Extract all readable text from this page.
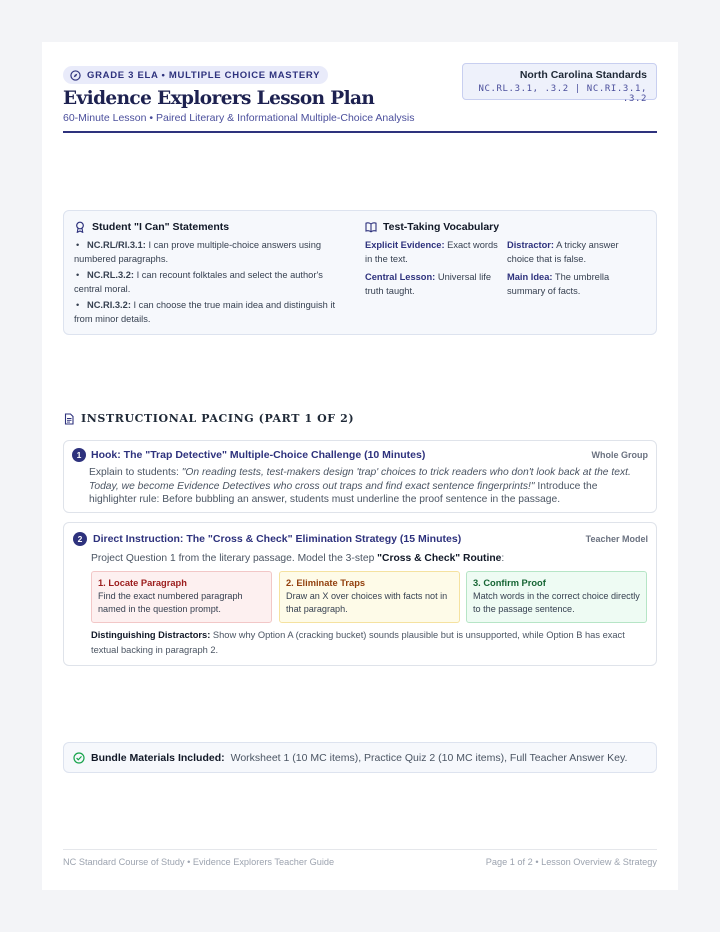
GRADE 3 ELA • MULTIPLE CHOICE MASTERY
Evidence Explorers Lesson Plan
60-Minute Lesson • Paired Literary & Informational Multiple-Choice Analysis
North Carolina Standards
NC.RL.3.1, .3.2 | NC.RI.3.1, .3.2
Student "I Can" Statements
• NC.RL/RI.3.1: I can prove multiple-choice answers using numbered paragraphs.
• NC.RL.3.2: I can recount folktales and select the author's central moral.
• NC.RI.3.2: I can choose the true main idea and distinguish it from minor details.
Test-Taking Vocabulary
Explicit Evidence: Exact words in the text.
Distractor: A tricky answer choice that is false.
Central Lesson: Universal life truth taught.
Main Idea: The umbrella summary of facts.
INSTRUCTIONAL PACING (PART 1 OF 2)
1 Hook: The "Trap Detective" Multiple-Choice Challenge (10 Minutes)	Whole Group
Explain to students: "On reading tests, test-makers design 'trap' choices to trick readers who don't look back at the text. Today, we become Evidence Detectives who cross out traps and find exact sentence fingerprints!" Introduce the highlighter rule: Before bubbling an answer, students must underline the proof sentence in the passage.
2	Direct Instruction: The "Cross & Check" Elimination Strategy (15 Minutes)	Teacher Model
Project Question 1 from the literary passage. Model the 3-step "Cross & Check" Routine:
1. Locate Paragraph
Find the exact numbered paragraph named in the question prompt.
2. Eliminate Traps
Draw an X over choices with facts not in that paragraph.
3. Confirm Proof
Match words in the correct choice directly to the passage sentence.
Distinguishing Distractors: Show why Option A (cracking bucket) sounds plausible but is unsupported, while Option B has exact textual backing in paragraph 2.
Bundle Materials Included: Worksheet 1 (10 MC items), Practice Quiz 2 (10 MC items), Full Teacher Answer Key.
NC Standard Course of Study • Evidence Explorers Teacher Guide	Page 1 of 2 • Lesson Overview & Strategy
